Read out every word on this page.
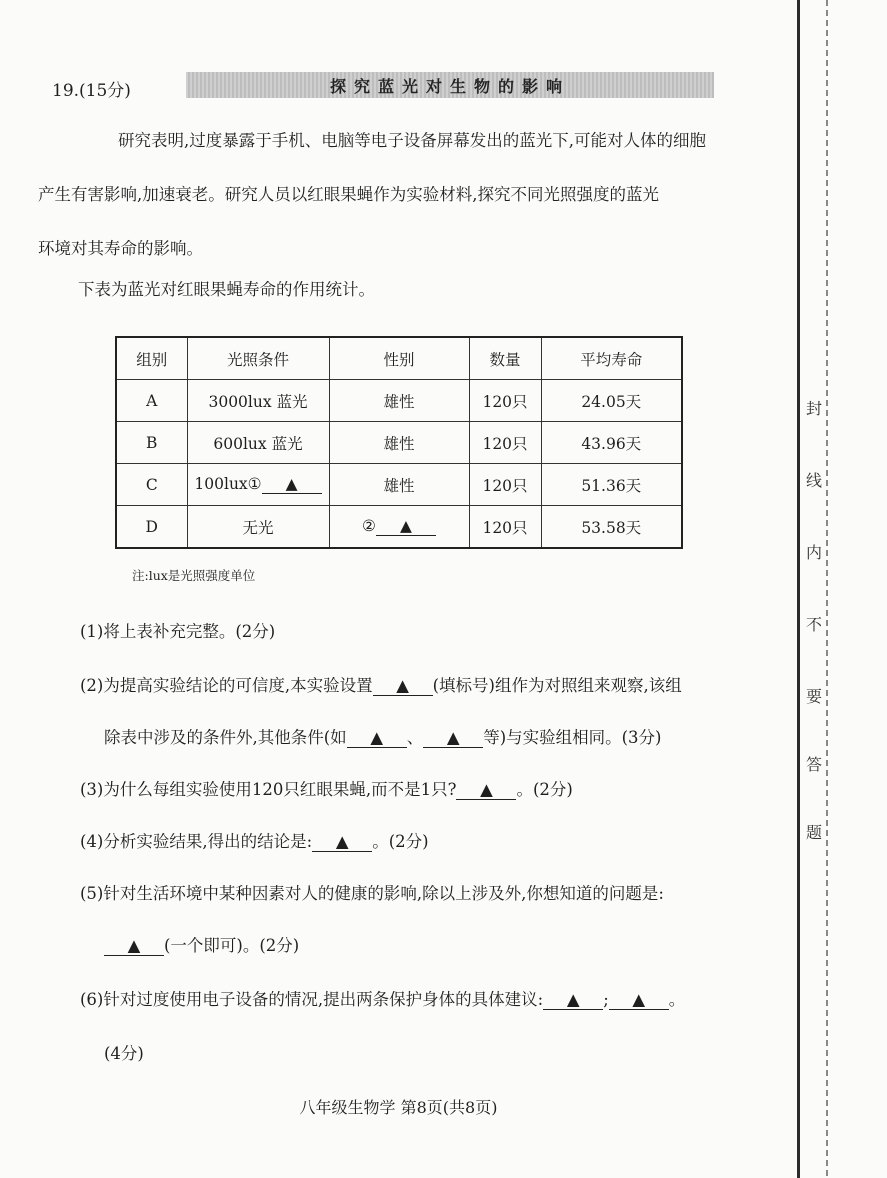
19.(15分)	探究蓝光对生物的影响
研究表明,过度暴露于手机、电脑等电子设备屏幕发出的蓝光下,可能对人体的细胞
产生有害影响,加速衰老。研究人员以红眼果蝇作为实验材料,探究不同光照强度的蓝光
环境对其寿命的影响。
下表为蓝光对红眼果蝇寿命的作用统计。
组别	光照条件	性别	数量	平均寿命
A	3000lux 蓝光	雄性	120只	24.05天
B	600lux 蓝光	雄性	120只	43.96天
C	100lux① ▲	雄性	120只	51.36天
D	无光	② ▲	120只	53.58天
注:lux是光照强度单位
(1)将上表补充完整。(2分)
(2)为提高实验结论的可信度,本实验设置 ▲ (填标号)组作为对照组来观察,该组
除表中涉及的条件外,其他条件(如 ▲ 、 ▲ 等)与实验组相同。(3分)
(3)为什么每组实验使用120只红眼果蝇,而不是1只? ▲ 。(2分)
(4)分析实验结果,得出的结论是: ▲ 。(2分)
(5)针对生活环境中某种因素对人的健康的影响,除以上涉及外,你想知道的问题是:
▲ (一个即可)。(2分)
(6)针对过度使用电子设备的情况,提出两条保护身体的具体建议: ▲ ; ▲ 。
(4分)
八年级生物学 第8页(共8页)
封
线
内
不
要
答
题
